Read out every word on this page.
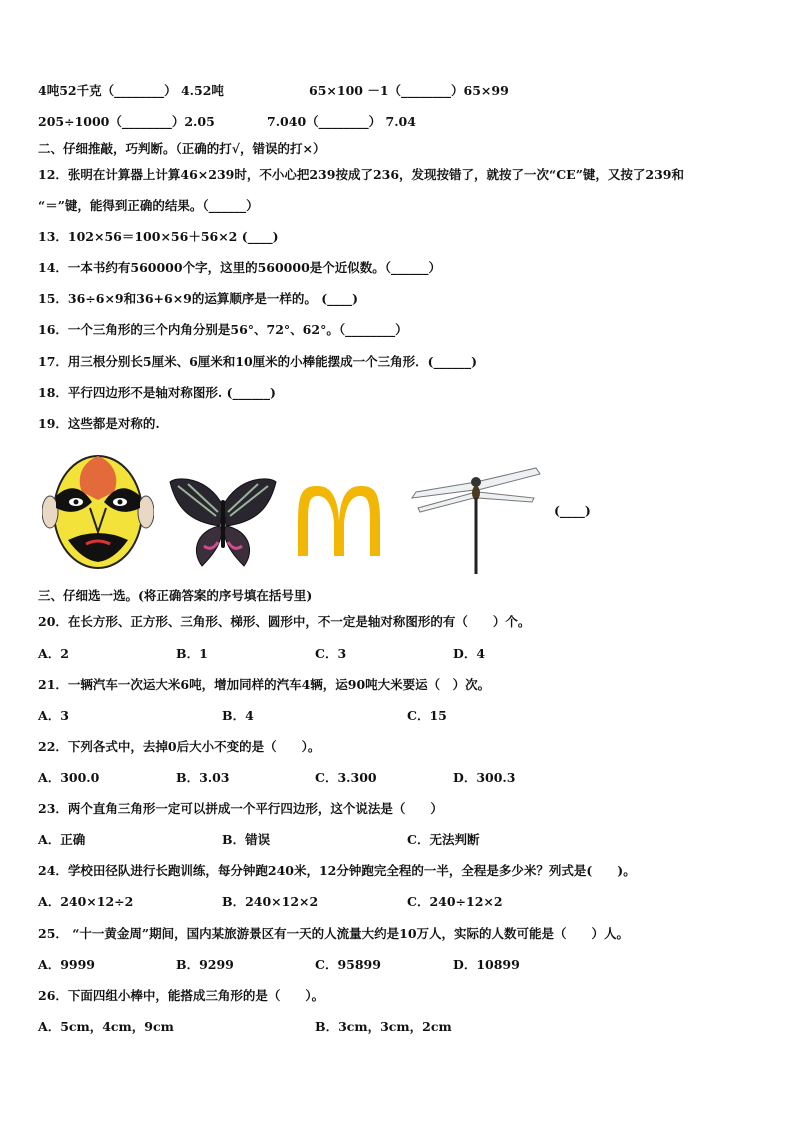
4吨52千克（________） 4.52吨	65×100 －1（________）65×99
205÷1000（________）2.05	7.040（________） 7.04
二、仔细推敲，巧判断。（正确的打√，错误的打×）
12．张明在计算器上计算46×239时，不小心把239按成了236，发现按错了，就按了一次“CE”键，又按了239和
“＝”键，能得到正确的结果。（______）
13．102×56＝100×56＋56×2 (____)
14．一本书约有560000个字，这里的560000是个近似数。（______）
15．36÷6×9和36+6×9的运算顺序是一样的。 (____)
16．一个三角形的三个内角分别是56°、72°、62°。（________）
17．用三根分别长5厘米、6厘米和10厘米的小棒能摆成一个三角形．(______)
18．平行四边形不是轴对称图形. (______)
19．这些都是对称的.
(____)
三、仔细选一选。(将正确答案的序号填在括号里)
20．在长方形、正方形、三角形、梯形、圆形中，不一定是轴对称图形的有（　　）个。
A．2	B．1	C．3	D．4
21．一辆汽车一次运大米6吨，增加同样的汽车4辆，运90吨大米要运（　）次。
A．3	B．4	C．15
22．下列各式中，去掉0后大小不变的是（　　）。
A．300.0	B．3.03	C．3.300	D．300.3
23．两个直角三角形一定可以拼成一个平行四边形，这个说法是（　　）
A．正确	B．错误	C．无法判断
24．学校田径队进行长跑训练，每分钟跑240米，12分钟跑完全程的一半，全程是多少米？列式是(　　)。
A．240×12÷2	B．240×12×2	C．240÷12×2
25． “十一黄金周”期间，国内某旅游景区有一天的人流量大约是10万人，实际的人数可能是（　　）人。
A．9999	B．9299	C．95899	D．10899
26．下面四组小棒中，能搭成三角形的是（　　）。
A．5cm，4cm，9cm	B．3cm，3cm，2cm
